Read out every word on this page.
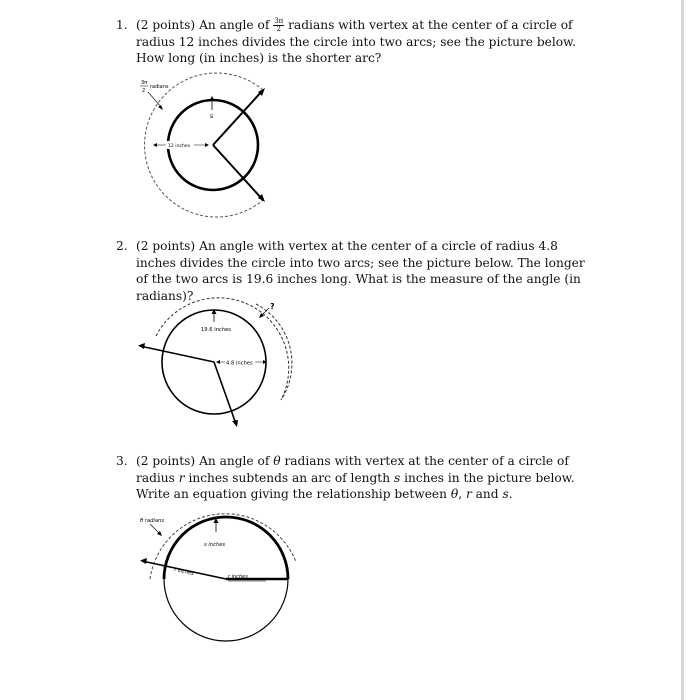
1. (2 points) An angle of $\frac{3\pi}{2}$ radians with vertex at the center of a circle of radius 12 inches divides the circle into two arcs; see the picture below. How long (in inches) is the shorter arc?
s
3π
2
radians
12 inches
2. (2 points) An angle with vertex at the center of a circle of radius 4.8 inches divides the circle into two arcs; see the picture below. The longer of the two arcs is 19.6 inches long. What is the measure of the angle (in radians)?
19.6 inches
?
4.8 inches
3. (2 points) An angle of θ radians with vertex at the center of a circle of radius r inches subtends an arc of length s inches in the picture below. Write an equation giving the relationship between θ, r and s.
s inches
θ radians
r inches	r inches
